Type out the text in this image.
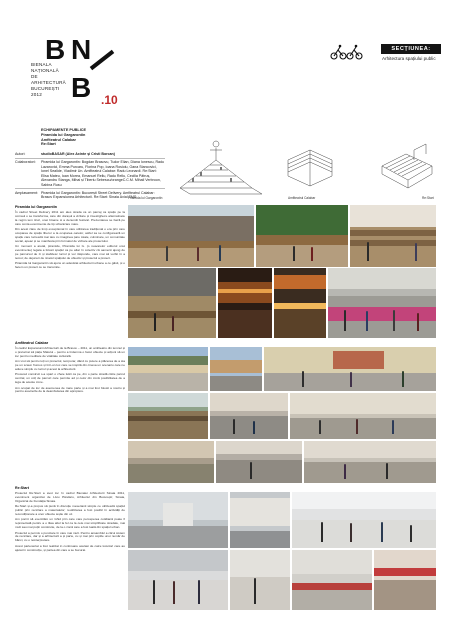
B N
B
BIENALA
NAȚIONALĂ
DE
ARHITECTURĂ
BUCUREȘTI
2012	.10
SECȚIUNEA:
Arhitectura spațiului public
ECHIPAMENTE PUBLICE
Piramida lui Gargarontin
Amfiteatrul Calabar
Re:Start
Autori:	studioBASAR (Alex Axinte și Cristi Borcan)
Colaboratori:	Piramida lui Gargarontin: Bogdan Brasovu, Tudor Elian, Diana Ionescu, Radu Lazarovici, Emma Purcaru, Florina Pop, Ioana Rosioiu, Oana Stancovici, Ionel Sealide, Vladimir Un. Amfiteatrul Calabar: Radu Leonardi. Re:Start: Elisa Mateu, Ioan Morea, Emanuel Rellu, Radu Rellu, Cecilia Pătruș, Alexandru Stanga, Mihai și Tiberiu Sebescu/orangeC.C.M. Mihail Verbroon, Sabina Rusu
Amplasament: Piramida lui Gargarontin: București Street Delivery. Amfiteatrul Calabar: Brasov Expansiunea Arhitecturii. Re:Start: Sinaia Axial SMS
Piramida lui Gargarontin	Amfiteatrul Calabar	Re:Start
Piramida lui Gargarontin

În cadrul Street Delivery 2011 am ales strada ca un parcaj ca spațiu pe la cornaul o se transforma, care din dorașul a vizitare și investigheze alternativele la regim tem tiruri, unei bloane si a denumiti festival. Prezentarea se bază pe care conta evenimente de tip urbanizare mare.

Din acest ziare de timp exceptional în care utilizarea tradițional o era prin care ocuparea de spațiu liberor a la ocuparea oarelor, astfel sa se configurează un spațiu care lucrează mai tare cu imaginea pare totale, culminare, un comunitate social, apeac și se manifesta prin formatul de vizitare ale proiectului.

Un moment a aretal, piramide, Piramida lui G. (o reavarelor editorul unui evenimente) legata a folosit spațiul ca pe altar în colectiv că oamenii ajung de pe parcursul de zi și stabilesc lucrul și vor răspunde, care mai să vorbit în a temut; de dejunuri de nivelul spațiului de obiectiv și proiectul a proiect.

Piramida lui Gargarontin să ajuns un adevărat arhitecturii urbane a ce găsit, și o facem un proiect ce se transmite.

Amfiteatrul Calabar

În cadrul Expansiunii Arhitecturii de la Brasov – 2011, un amfiteatru din lemnul și o prelucrat să piața Sfatului – pentru a îndemna o facut obiecte și acțiuni să un loc pentru meditare de vitalitate culturală.

Am vrut să pentru toți un proiectul, temporar, dând cu putere a plăcerea de a sta pe un scaun frumos și într-un loc care se inspiră din cineva un scenariu care ne aduce simplu cu lucrul și acest la arhitecturii.

Procesul construit s-a spart o cheie luări ca pe, din o parte stradă către parcul central, un colț de parcuri care permite ad și celor din zonă posibilitatea de a lega de aceste zone.

Am ocupat de loc de asemenea de mare parte și a mai fost folosit a nostru și pentru asocierile de la deambularea din apropiere.

Re:Start

Proiectul Re:Start a avut loc în cadrul Bienalei Arhitecturii Sinaia 2011, eveniment organizat de Liviu Pândaru, Arhitectul din București; Sinaia, Organizat de Fundaţia Sinaia.

Re:Start și-a propus să pună în discuție meserianii simple ce utilizează spațiul public prin reciclare a materialelor; reutilizarea a fost posibil în activități de recondiționare a unor obiecte ieșite din uz.

Am pornit să exercităm un Ghid prin care care perceperea cotidiană poate fi reproiectată pentru a o lăsa altul la fel ca la cele mai simplificate stradale, mai mult sau mai puțin construite, de la o zonă care a fost luată din spațiul urban.

Proiectul a permis o punctare în care mai mult. Pentru ansamblul a cărui sistem de reciclare, dar și a arhitecturii a și parte, cu și mai prin copiile unui număr de bănci, cu o reinterpretare.

Acest parteneriat a fost realizat in continuare acelasi de catre locuitori care au ajutat în construcție, și partea din care a se bucurat.
